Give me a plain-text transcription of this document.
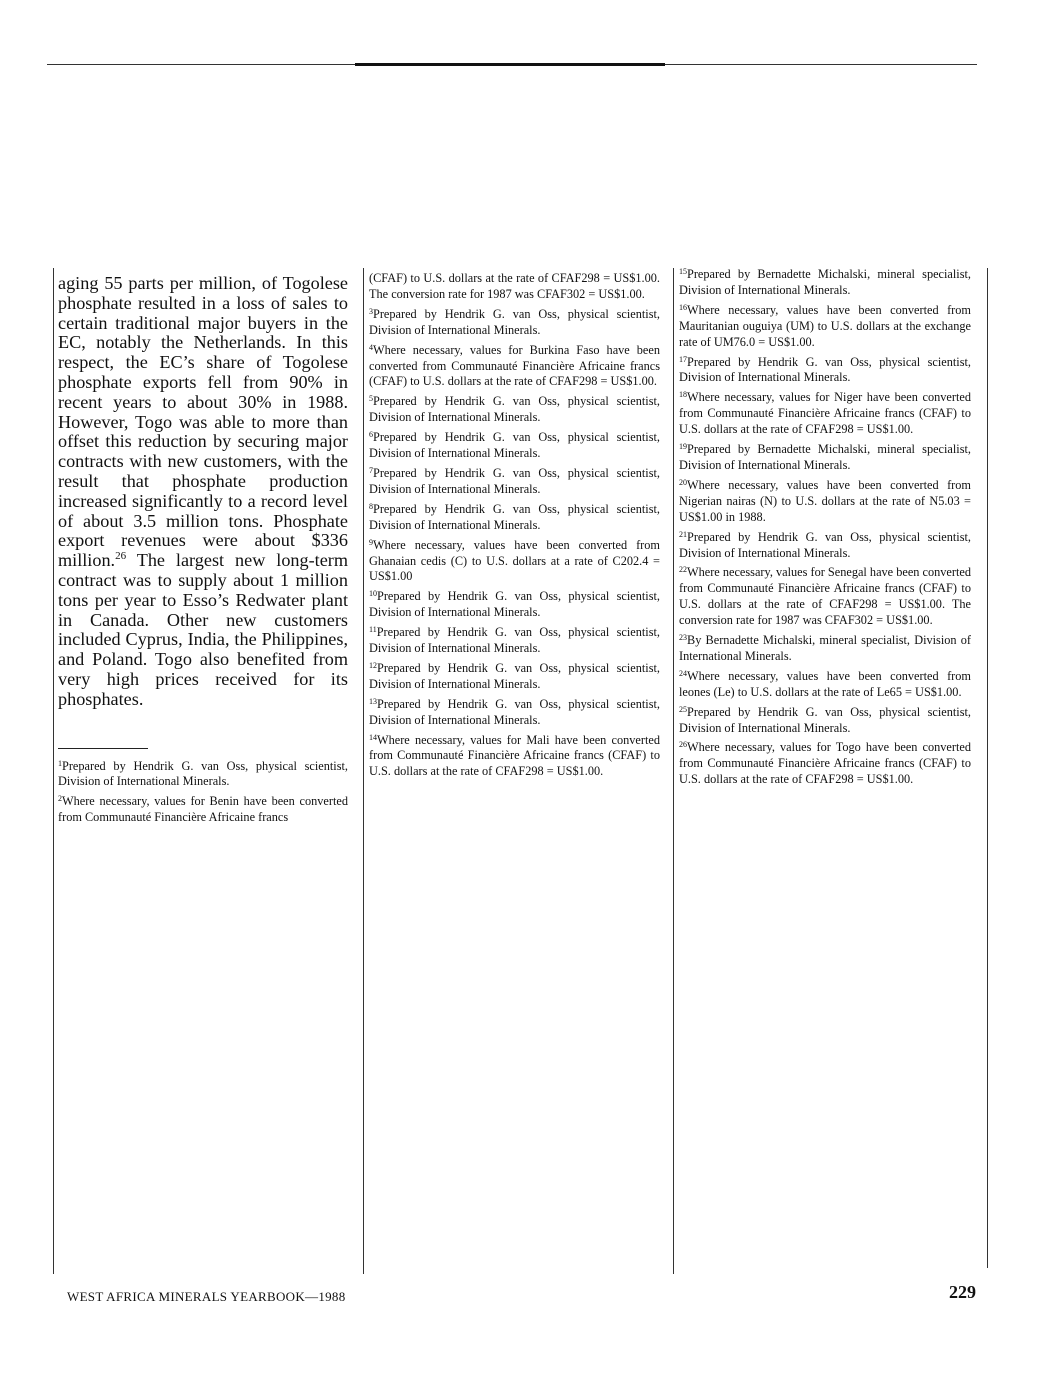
aging 55 parts per million, of Togolese phosphate resulted in a loss of sales to certain traditional major buyers in the EC, notably the Netherlands. In this respect, the EC’s share of Togolese phosphate exports fell from 90% in recent years to about 30% in 1988. However, Togo was able to more than offset this reduction by securing major contracts with new customers, with the result that phosphate production increased significantly to a record level of about 3.5 million tons. Phosphate export revenues were about $336 million.$^{26}$ The largest new long-term contract was to supply about 1 million tons per year to Esso’s Redwater plant in Canada. Other new customers included Cyprus, India, the Philippines, and Poland. Togo also benefited from very high prices received for its phosphates.

$^1$Prepared by Hendrik G. van Oss, physical scientist, Division of International Minerals.

$^2$Where necessary, values for Benin have been converted from Communauté Financière Africaine francs

(CFAF) to U.S. dollars at the rate of CFAF298 = US$1.00. The conversion rate for 1987 was CFAF302 = US$1.00.

$^3$Prepared by Hendrik G. van Oss, physical scientist, Division of International Minerals.

$^4$Where necessary, values for Burkina Faso have been converted from Communauté Financière Africaine francs (CFAF) to U.S. dollars at the rate of CFAF298 = US$1.00.

$^5$Prepared by Hendrik G. van Oss, physical scientist, Division of International Minerals.

$^6$Prepared by Hendrik G. van Oss, physical scientist, Division of International Minerals.

$^7$Prepared by Hendrik G. van Oss, physical scientist, Division of International Minerals.

$^8$Prepared by Hendrik G. van Oss, physical scientist, Division of International Minerals.

$^9$Where necessary, values have been converted from Ghanaian cedis (C) to U.S. dollars at a rate of C202.4 = US$1.00

$^{10}$Prepared by Hendrik G. van Oss, physical scientist, Division of International Minerals.

$^{11}$Prepared by Hendrik G. van Oss, physical scientist, Division of International Minerals.

$^{12}$Prepared by Hendrik G. van Oss, physical scientist, Division of International Minerals.

$^{13}$Prepared by Hendrik G. van Oss, physical scientist, Division of International Minerals.

$^{14}$Where necessary, values for Mali have been converted from Communauté Financière Africaine francs (CFAF) to U.S. dollars at the rate of CFAF298 = US$1.00.

$^{15}$Prepared by Bernadette Michalski, mineral specialist, Division of International Minerals.

$^{16}$Where necessary, values have been converted from Mauritanian ouguiya (UM) to U.S. dollars at the exchange rate of UM76.0 = US$1.00.

$^{17}$Prepared by Hendrik G. van Oss, physical scientist, Division of International Minerals.

$^{18}$Where necessary, values for Niger have been converted from Communauté Financière Africaine francs (CFAF) to U.S. dollars at the rate of CFAF298 = US$1.00.

$^{19}$Prepared by Bernadette Michalski, mineral specialist, Division of International Minerals.

$^{20}$Where necessary, values have been converted from Nigerian nairas (N) to U.S. dollars at the rate of N5.03 = US$1.00 in 1988.

$^{21}$Prepared by Hendrik G. van Oss, physical scientist, Division of International Minerals.

$^{22}$Where necessary, values for Senegal have been converted from Communauté Financière Africaine francs (CFAF) to U.S. dollars at the rate of CFAF298 = US$1.00. The conversion rate for 1987 was CFAF302 = US$1.00.

$^{23}$By Bernadette Michalski, mineral specialist, Division of International Minerals.

$^{24}$Where necessary, values have been converted from leones (Le) to U.S. dollars at the rate of Le65 = US$1.00.

$^{25}$Prepared by Hendrik G. van Oss, physical scientist, Division of International Minerals.

$^{26}$Where necessary, values for Togo have been converted from Communauté Financière Africaine francs (CFAF) to U.S. dollars at the rate of CFAF298 = US$1.00.

WEST AFRICA MINERALS YEARBOOK—1988	229
